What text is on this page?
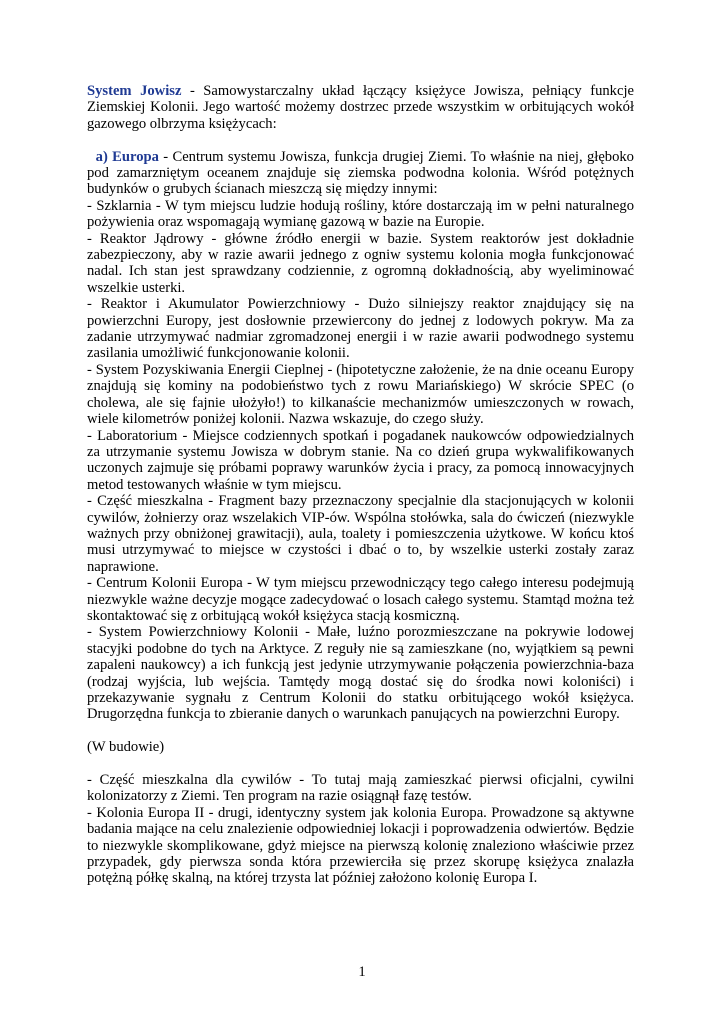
System Jowisz - Samowystarczalny układ łączący księżyce Jowisza, pełniący funkcje Ziemskiej Kolonii. Jego wartość możemy dostrzec przede wszystkim w orbitujących wokół gazowego olbrzyma księżycach:

a) Europa - Centrum systemu Jowisza, funkcja drugiej Ziemi. To właśnie na niej, głęboko pod zamarzniętym oceanem znajduje się ziemska podwodna kolonia. Wśród potężnych budynków o grubych ścianach mieszczą się między innymi:

- Szklarnia - W tym miejscu ludzie hodują rośliny, które dostarczają im w pełni naturalnego pożywienia oraz wspomagają wymianę gazową w bazie na Europie.

- Reaktor Jądrowy - główne źródło energii w bazie. System reaktorów jest dokładnie zabezpieczony, aby w razie awarii jednego z ogniw systemu kolonia mogła funkcjonować nadal. Ich stan jest sprawdzany codziennie, z ogromną dokładnością, aby wyeliminować wszelkie usterki.

- Reaktor i Akumulator Powierzchniowy - Dużo silniejszy reaktor znajdujący się na powierzchni Europy, jest dosłownie przewiercony do jednej z lodowych pokryw. Ma za zadanie utrzymywać nadmiar zgromadzonej energii i w razie awarii podwodnego systemu zasilania umożliwić funkcjonowanie kolonii.

- System Pozyskiwania Energii Cieplnej - (hipotetyczne założenie, że na dnie oceanu Europy znajdują się kominy na podobieństwo tych z rowu Mariańskiego) W skrócie SPEC (o cholewa, ale się fajnie ułożyło!) to kilkanaście mechanizmów umieszczonych w rowach, wiele kilometrów poniżej kolonii. Nazwa wskazuje, do czego służy.

- Laboratorium - Miejsce codziennych spotkań i pogadanek naukowców odpowiedzialnych za utrzymanie systemu Jowisza w dobrym stanie. Na co dzień grupa wykwalifikowanych uczonych zajmuje się próbami poprawy warunków życia i pracy, za pomocą innowacyjnych metod testowanych właśnie w tym miejscu.

- Część mieszkalna - Fragment bazy przeznaczony specjalnie dla stacjonujących w kolonii cywilów, żołnierzy oraz wszelakich VIP-ów. Wspólna stołówka, sala do ćwiczeń (niezwykle ważnych przy obniżonej grawitacji), aula, toalety i pomieszczenia użytkowe. W końcu ktoś musi utrzymywać to miejsce w czystości i dbać o to, by wszelkie usterki zostały zaraz naprawione.

- Centrum Kolonii Europa - W tym miejscu przewodniczący tego całego interesu podejmują niezwykle ważne decyzje mogące zadecydować o losach całego systemu. Stamtąd można też skontaktować się z orbitującą wokół księżyca stacją kosmiczną.

- System Powierzchniowy Kolonii - Małe, luźno porozmieszczane na pokrywie lodowej stacyjki podobne do tych na Arktyce. Z reguły nie są zamieszkane (no, wyjątkiem są pewni zapaleni naukowcy) a ich funkcją jest jedynie utrzymywanie połączenia powierzchnia-baza (rodzaj wyjścia, lub wejścia. Tamtędy mogą dostać się do środka nowi koloniści) i przekazywanie sygnału z Centrum Kolonii do statku orbitującego wokół księżyca. Drugorzędna funkcja to zbieranie danych o warunkach panujących na powierzchni Europy.

(W budowie)

- Część mieszkalna dla cywilów - To tutaj mają zamieszkać pierwsi oficjalni, cywilni kolonizatorzy z Ziemi. Ten program na razie osiągnął fazę testów.

- Kolonia Europa II - drugi, identyczny system jak kolonia Europa. Prowadzone są aktywne badania mające na celu znalezienie odpowiedniej lokacji i poprowadzenia odwiertów. Będzie to niezwykle skomplikowane, gdyż miejsce na pierwszą kolonię znaleziono właściwie przez przypadek, gdy pierwsza sonda która przewierciła się przez skorupę księżyca znalazła potężną półkę skalną, na której trzysta lat później założono kolonię Europa I.

1
